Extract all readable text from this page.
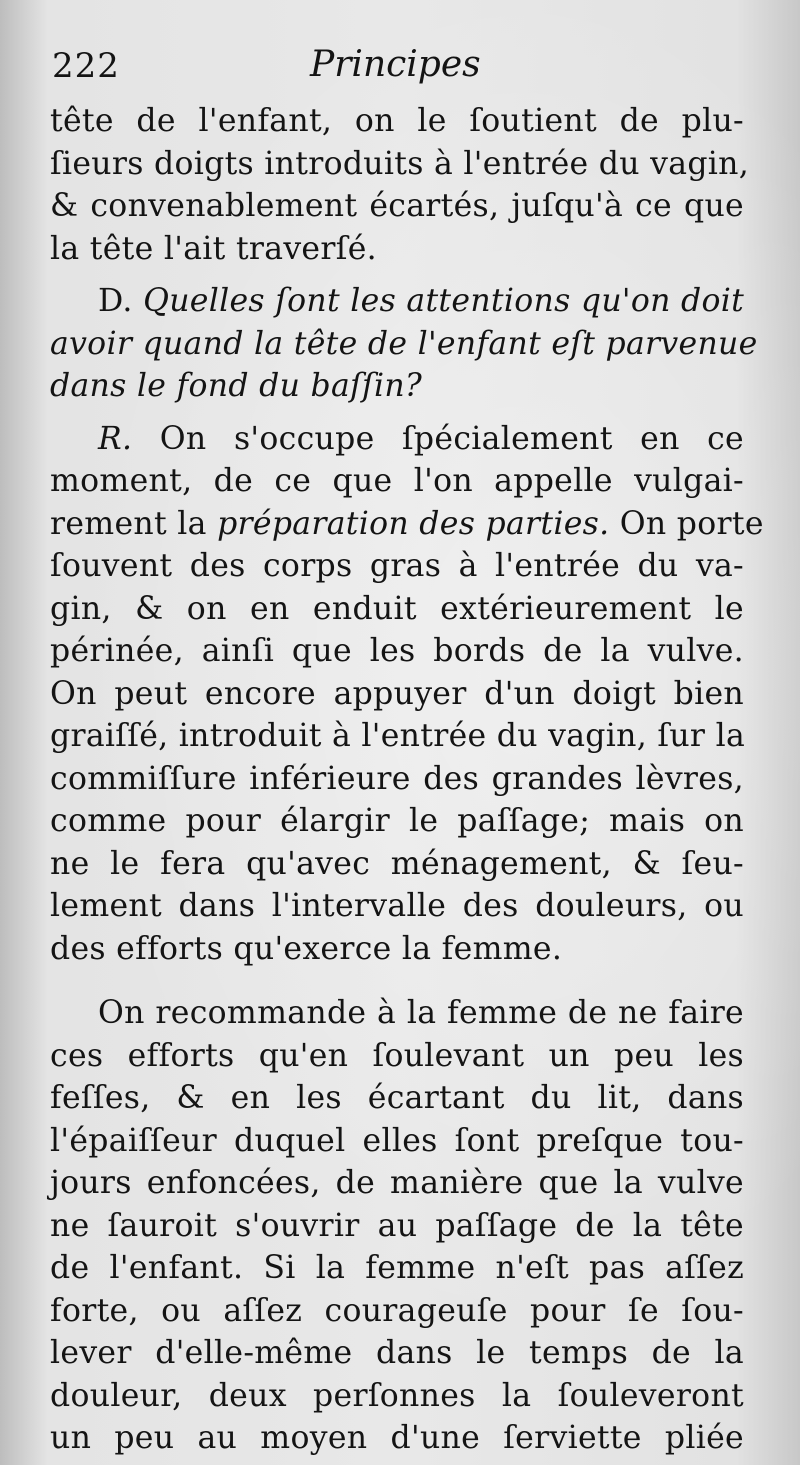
222	Principes
tête de l'enfant, on le ſoutient de plu-
ſieurs doigts introduits à l'entrée du vagin,
& convenablement écartés, juſqu'à ce que
la tête l'ait traverſé.
D. Quelles ſont les attentions qu'on doit
avoir quand la tête de l'enfant eſt parvenue
dans le fond du baſſin?
R. On s'occupe ſpécialement en ce
moment, de ce que l'on appelle vulgai-
rement la préparation des parties. On porte
ſouvent des corps gras à l'entrée du va-
gin, & on en enduit extérieurement le
périnée, ainſi que les bords de la vulve.
On peut encore appuyer d'un doigt bien
graiſſé, introduit à l'entrée du vagin, ſur la
commiſſure inférieure des grandes lèvres,
comme pour élargir le paſſage; mais on
ne le fera qu'avec ménagement, & ſeu-
lement dans l'intervalle des douleurs, ou
des efforts qu'exerce la femme.
On recommande à la femme de ne faire
ces efforts qu'en ſoulevant un peu les
feſſes, & en les écartant du lit, dans
l'épaiſſeur duquel elles ſont preſque tou-
jours enfoncées, de manière que la vulve
ne ſauroit s'ouvrir au paſſage de la tête
de l'enfant. Si la femme n'eſt pas aſſez
forte, ou aſſez courageuſe pour ſe ſou-
lever d'elle-même dans le temps de la
douleur, deux perſonnes la ſouleveront
un peu au moyen d'une ſerviette pliée
